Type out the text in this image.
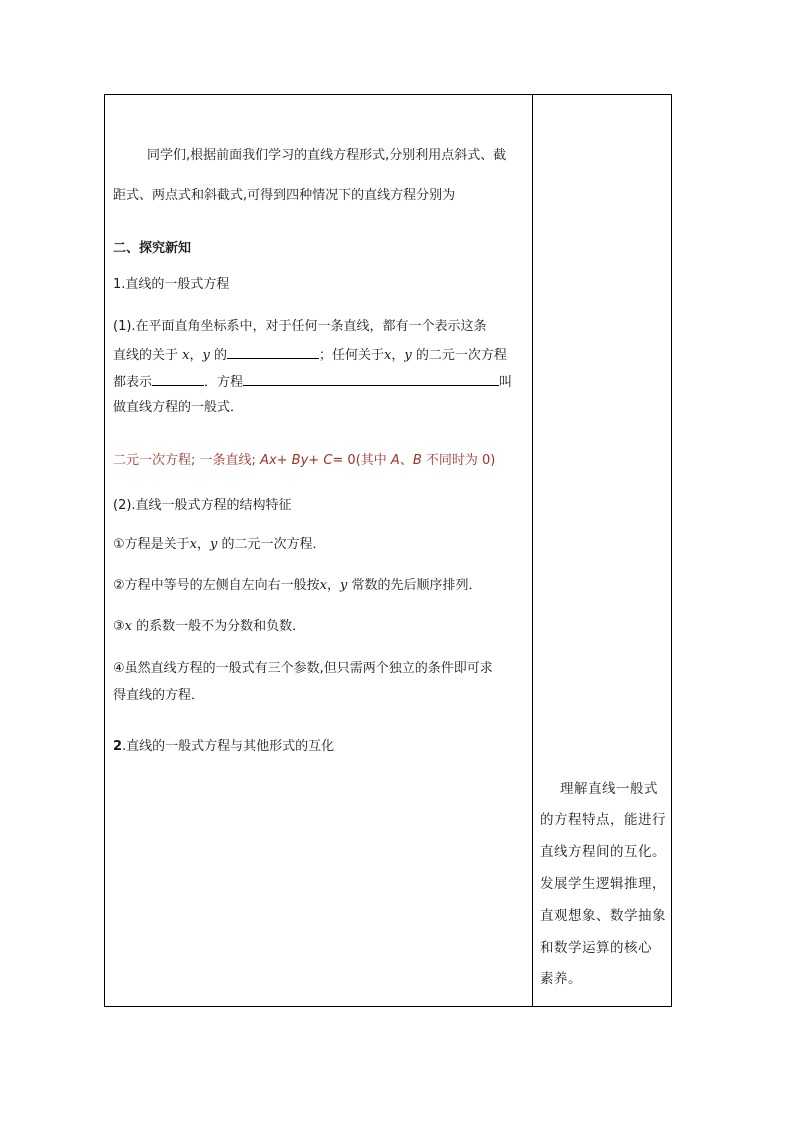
同学们,根据前面我们学习的直线方程形式,分别利用点斜式、截
距式、两点式和斜截式,可得到四种情况下的直线方程分别为
二、探究新知
1.直线的一般式方程
(1).在平面直角坐标系中，对于任何一条直线，都有一个表示这条
直线的关于 x，y 的	；任何关于x，y 的二元一次方程
都表示	．方程	叫
做直线方程的一般式．
二元一次方程; 一条直线; Ax+ By+ C= 0(其中 A、B 不同时为 0)
(2).直线一般式方程的结构特征
①方程是关于x，y 的二元一次方程．
②方程中等号的左侧自左向右一般按x，y 常数的先后顺序排列．
③x 的系数一般不为分数和负数．
④虽然直线方程的一般式有三个参数,但只需两个独立的条件即可求
得直线的方程．
2.直线的一般式方程与其他形式的互化
理解直线一般式
的方程特点，能进行
直线方程间的互化。
发展学生逻辑推理，
直观想象、数学抽象
和数学运算的核心
素养。
